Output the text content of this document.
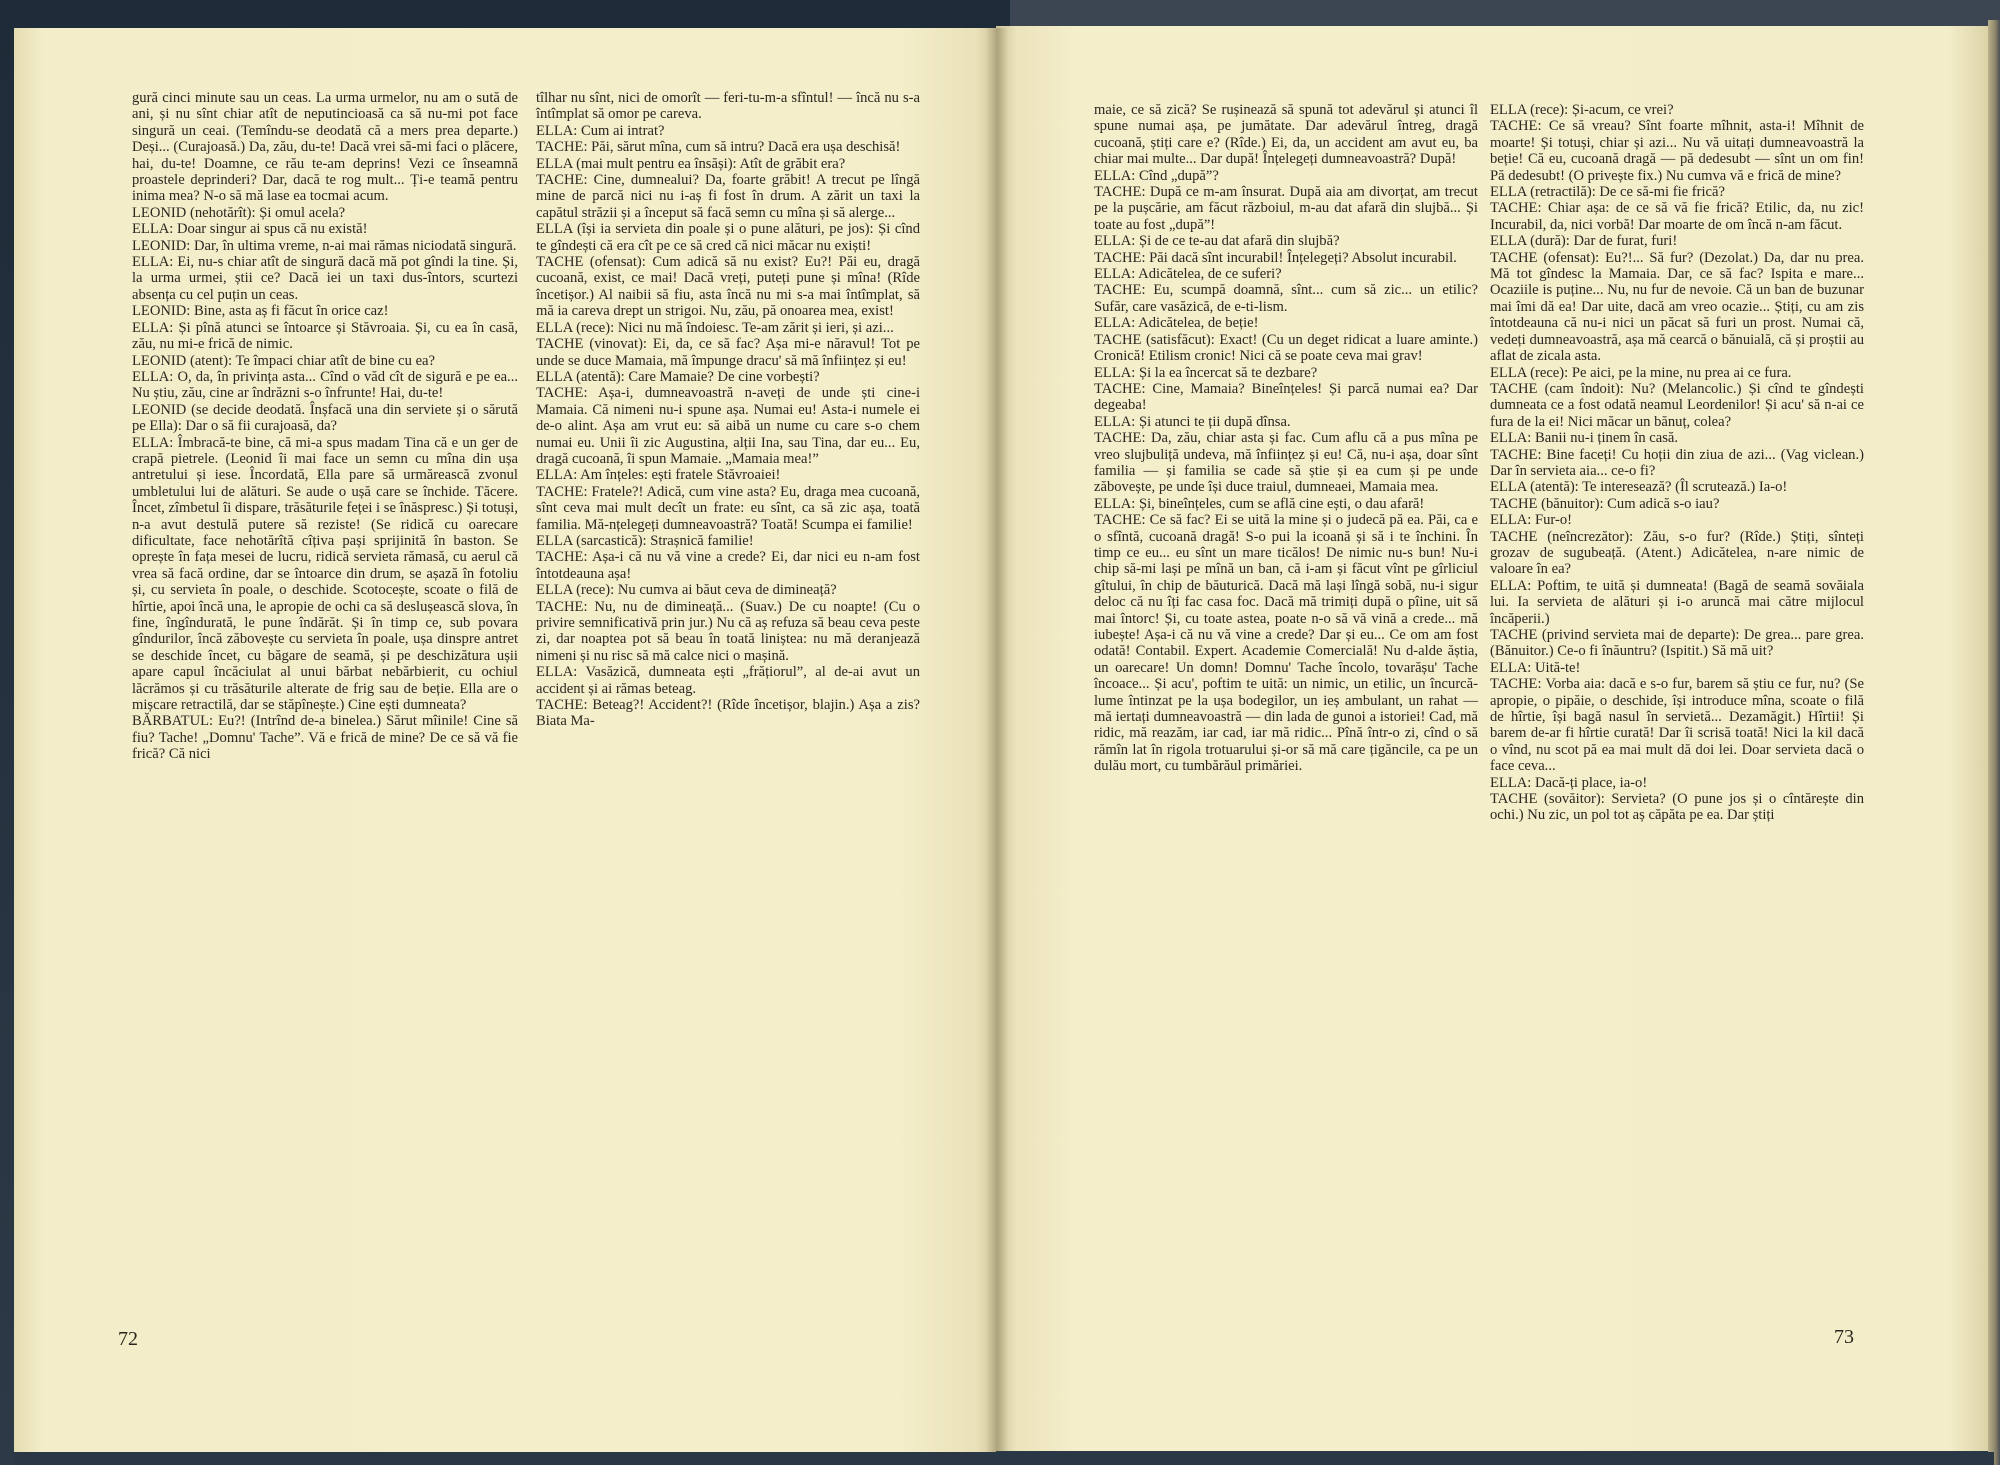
gură cinci minute sau un ceas. La urma urmelor, nu am o sută de ani, și nu sînt chiar atît de neputincioasă ca să nu-mi pot face singură un ceai. (Temîndu-se deodată că a mers prea departe.) Deși... (Curajoasă.) Da, zău, du-te! Dacă vrei să-mi faci o plăcere, hai, du-te! Doamne, ce rău te-am deprins! Vezi ce înseamnă proastele deprinderi? Dar, dacă te rog mult... Ți-e teamă pentru inima mea? N-o să mă lase ea tocmai acum.
LEONID (nehotărît): Și omul acela?
ELLA: Doar singur ai spus că nu există!
LEONID: Dar, în ultima vreme, n-ai mai rămas niciodată singură.
ELLA: Ei, nu-s chiar atît de singură dacă mă pot gîndi la tine. Și, la urma urmei, știi ce? Dacă iei un taxi dus-întors, scurtezi absența cu cel puțin un ceas.
LEONID: Bine, asta aș fi făcut în orice caz!
ELLA: Și pînă atunci se întoarce și Stăvroaia. Și, cu ea în casă, zău, nu mi-e frică de nimic.
LEONID (atent): Te împaci chiar atît de bine cu ea?
ELLA: O, da, în privința asta... Cînd o văd cît de sigură e pe ea... Nu știu, zău, cine ar îndrăzni s-o înfrunte! Hai, du-te!
LEONID (se decide deodată. Înșfacă una din serviete și o sărută pe Ella): Dar o să fii curajoasă, da?
ELLA: Îmbracă-te bine, că mi-a spus madam Tina că e un ger de crapă pietrele. (Leonid îi mai face un semn cu mîna din ușa antretului și iese. Încordată, Ella pare să urmărească zvonul umbletului lui de alături. Se aude o ușă care se închide. Tăcere. Încet, zîmbetul îi dispare, trăsăturile feței i se înăspresc.) Și totuși, n-a avut destulă putere să reziste! (Se ridică cu oarecare dificultate, face nehotărîtă cîțiva pași sprijinită în baston. Se oprește în fața mesei de lucru, ridică servieta rămasă, cu aerul că vrea să facă ordine, dar se întoarce din drum, se așază în fotoliu și, cu servieta în poale, o deschide. Scotocește, scoate o filă de hîrtie, apoi încă una, le apropie de ochi ca să deslușească slova, în fine, îngîndurată, le pune îndărăt. Și în timp ce, sub povara gîndurilor, încă zăbovește cu servieta în poale, ușa dinspre antret se deschide încet, cu băgare de seamă, și pe deschizătura ușii apare capul încăciulat al unui bărbat nebărbierit, cu ochiul lăcrămos și cu trăsăturile alterate de frig sau de beție. Ella are o mișcare retractilă, dar se stăpînește.) Cine ești dumneata?
BĂRBATUL: Eu?! (Intrînd de-a binelea.) Sărut mîinile! Cine să fiu? Tache! „Domnu' Tache”. Vă e frică de mine? De ce să vă fie frică? Că nici
tîlhar nu sînt, nici de omorît — feri-tu-m-a sfîntul! — încă nu s-a întîmplat să omor pe careva.
ELLA: Cum ai intrat?
TACHE: Păi, sărut mîna, cum să intru? Dacă era ușa deschisă!
ELLA (mai mult pentru ea însăși): Atît de grăbit era?
TACHE: Cine, dumnealui? Da, foarte grăbit! A trecut pe lîngă mine de parcă nici nu i-aș fi fost în drum. A zărit un taxi la capătul străzii și a început să facă semn cu mîna și să alerge...
ELLA (își ia servieta din poale și o pune alături, pe jos): Și cînd te gîndești că era cît pe ce să cred că nici măcar nu exiști!
TACHE (ofensat): Cum adică să nu exist? Eu?! Păi eu, dragă cucoană, exist, ce mai! Dacă vreți, puteți pune și mîna! (Rîde încetișor.) Al naibii să fiu, asta încă nu mi s-a mai întîmplat, să mă ia careva drept un strigoi. Nu, zău, pă onoarea mea, exist!
ELLA (rece): Nici nu mă îndoiesc. Te-am zărit și ieri, și azi...
TACHE (vinovat): Ei, da, ce să fac? Așa mi-e năravul! Tot pe unde se duce Mamaia, mă împunge dracu' să mă înființez și eu!
ELLA (atentă): Care Mamaie? De cine vorbești?
TACHE: Așa-i, dumneavoastră n-aveți de unde ști cine-i Mamaia. Că nimeni nu-i spune așa. Numai eu! Asta-i numele ei de-o alint. Așa am vrut eu: să aibă un nume cu care s-o chem numai eu. Unii îi zic Augustina, alții Ina, sau Tina, dar eu... Eu, dragă cucoană, îi spun Mamaie. „Mamaia mea!”
ELLA: Am înțeles: ești fratele Stăvroaiei!
TACHE: Fratele?! Adică, cum vine asta? Eu, draga mea cucoană, sînt ceva mai mult decît un frate: eu sînt, ca să zic așa, toată familia. Mă-nțelegeți dumneavoastră? Toată! Scumpa ei familie!
ELLA (sarcastică): Strașnică familie!
TACHE: Așa-i că nu vă vine a crede? Ei, dar nici eu n-am fost întotdeauna așa!
ELLA (rece): Nu cumva ai băut ceva de dimineață?
TACHE: Nu, nu de dimineață... (Suav.) De cu noapte! (Cu o privire semnificativă prin jur.) Nu că aș refuza să beau ceva peste zi, dar noaptea pot să beau în toată liniștea: nu mă deranjează nimeni și nu risc să mă calce nici o mașină.
ELLA: Vasăzică, dumneata ești „frățiorul”, al de-ai avut un accident și ai rămas beteag.
TACHE: Beteag?! Accident?! (Rîde încetișor, blajin.) Așa a zis? Biata Ma-
72
maie, ce să zică? Se rușinează să spună tot adevărul și atunci îl spune numai așa, pe jumătate. Dar adevărul întreg, dragă cucoană, știți care e? (Rîde.) Ei, da, un accident am avut eu, ba chiar mai multe... Dar după! Înțelegeți dumneavoastră? După!
ELLA: Cînd „după”?
TACHE: După ce m-am însurat. După aia am divorțat, am trecut pe la pușcărie, am făcut războiul, m-au dat afară din slujbă... Și toate au fost „după”!
ELLA: Și de ce te-au dat afară din slujbă?
TACHE: Păi dacă sînt incurabil! Înțelegeți? Absolut incurabil.
ELLA: Adicătelea, de ce suferi?
TACHE: Eu, scumpă doamnă, sînt... cum să zic... un etilic? Sufăr, care vasăzică, de e-ti-lism.
ELLA: Adicătelea, de beție!
TACHE (satisfăcut): Exact! (Cu un deget ridicat a luare aminte.) Cronică! Etilism cronic! Nici că se poate ceva mai grav!
ELLA: Și la ea încercat să te dezbare?
TACHE: Cine, Mamaia? Bineînțeles! Și parcă numai ea? Dar degeaba!
ELLA: Și atunci te ții după dînsa.
TACHE: Da, zău, chiar asta și fac. Cum aflu că a pus mîna pe vreo slujbuliță undeva, mă înființez și eu! Că, nu-i așa, doar sînt familia — și familia se cade să știe și ea cum și pe unde zăbovește, pe unde își duce traiul, dumneaei, Mamaia mea.
ELLA: Și, bineînțeles, cum se află cine ești, o dau afară!
TACHE: Ce să fac? Ei se uită la mine și o judecă pă ea. Păi, ca e o sfîntă, cucoană dragă! S-o pui la icoană și să i te închini. În timp ce eu... eu sînt un mare ticălos! De nimic nu-s bun! Nu-i chip să-mi lași pe mînă un ban, că i-am și făcut vînt pe gîrliciul gîtului, în chip de băuturică. Dacă mă lași lîngă sobă, nu-i sigur deloc că nu îți fac casa foc. Dacă mă trimiți după o pîine, uit să mai întorc! Și, cu toate astea, poate n-o să vă vină a crede... mă iubește! Așa-i că nu vă vine a crede? Dar și eu... Ce om am fost odată! Contabil. Expert. Academie Comercială! Nu d-alde ăștia, un oarecare! Un domn! Domnu' Tache încolo, tovarășu' Tache încoace... Și acu', poftim te uită: un nimic, un etilic, un încurcă-lume întinzat pe la ușa bodegilor, un ieș ambulant, un rahat — mă iertați dumneavoastră — din lada de gunoi a istoriei! Cad, mă ridic, mă reazăm, iar cad, iar mă ridic... Pînă într-o zi, cînd o să rămîn lat în rigola trotuarului și-or să mă care țigăncile, ca pe un dulău mort, cu tumbărăul primăriei.
ELLA (rece): Și-acum, ce vrei?
TACHE: Ce să vreau? Sînt foarte mîhnit, asta-i! Mîhnit de moarte! Și totuși, chiar și azi... Nu vă uitați dumneavoastră la beție! Că eu, cucoană dragă — pă dedesubt — sînt un om fin! Pă dedesubt! (O privește fix.) Nu cumva vă e frică de mine?
ELLA (retractilă): De ce să-mi fie frică?
TACHE: Chiar așa: de ce să vă fie frică? Etilic, da, nu zic! Incurabil, da, nici vorbă! Dar moarte de om încă n-am făcut.
ELLA (dură): Dar de furat, furi!
TACHE (ofensat): Eu?!... Să fur? (Dezolat.) Da, dar nu prea. Mă tot gîndesc la Mamaia. Dar, ce să fac? Ispita e mare... Ocaziile is puține... Nu, nu fur de nevoie. Că un ban de buzunar mai îmi dă ea! Dar uite, dacă am vreo ocazie... Știți, cu am zis întotdeauna că nu-i nici un păcat să furi un prost. Numai că, vedeți dumneavoastră, așa mă cearcă o bănuială, că și proștii au aflat de zicala asta.
ELLA (rece): Pe aici, pe la mine, nu prea ai ce fura.
TACHE (cam îndoit): Nu? (Melancolic.) Și cînd te gîndești dumneata ce a fost odată neamul Leordenilor! Și acu' să n-ai ce fura de la ei! Nici măcar un bănuț, colea?
ELLA: Banii nu-i ținem în casă.
TACHE: Bine faceți! Cu hoții din ziua de azi... (Vag viclean.) Dar în servieta aia... ce-o fi?
ELLA (atentă): Te interesează? (Îl scrutează.) Ia-o!
TACHE (bănuitor): Cum adică s-o iau?
ELLA: Fur-o!
TACHE (neîncrezător): Zău, s-o fur? (Rîde.) Știți, sînteți grozav de sugubeață. (Atent.) Adicătelea, n-are nimic de valoare în ea?
ELLA: Poftim, te uită și dumneata! (Bagă de seamă sovăiala lui. Ia servieta de alături și i-o aruncă mai către mijlocul încăperii.)
TACHE (privind servieta mai de departe): De grea... pare grea. (Bănuitor.) Ce-o fi înăuntru? (Ispitit.) Să mă uit?
ELLA: Uită-te!
TACHE: Vorba aia: dacă e s-o fur, barem să știu ce fur, nu? (Se apropie, o pipăie, o deschide, își introduce mîna, scoate o filă de hîrtie, își bagă nasul în servietă... Dezamăgit.) Hîrtii! Și barem de-ar fi hîrtie curată! Dar îi scrisă toată! Nici la kil dacă o vînd, nu scot pă ea mai mult dă doi lei. Doar servieta dacă o face ceva...
ELLA: Dacă-ți place, ia-o!
TACHE (sovăitor): Servieta? (O pune jos și o cîntărește din ochi.) Nu zic, un pol tot aș căpăta pe ea. Dar știți
73
